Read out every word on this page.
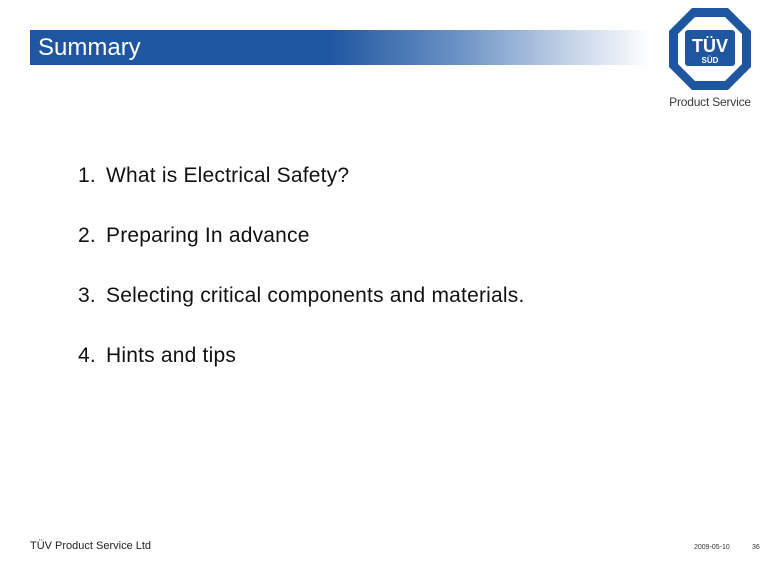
Summary	TÜV
SÜD
Product Service
1. What is Electrical Safety?
2. Preparing In advance
3. Selecting critical components and materials.
4. Hints and tips
TÜV Product Service Ltd	2009-05-10	36
